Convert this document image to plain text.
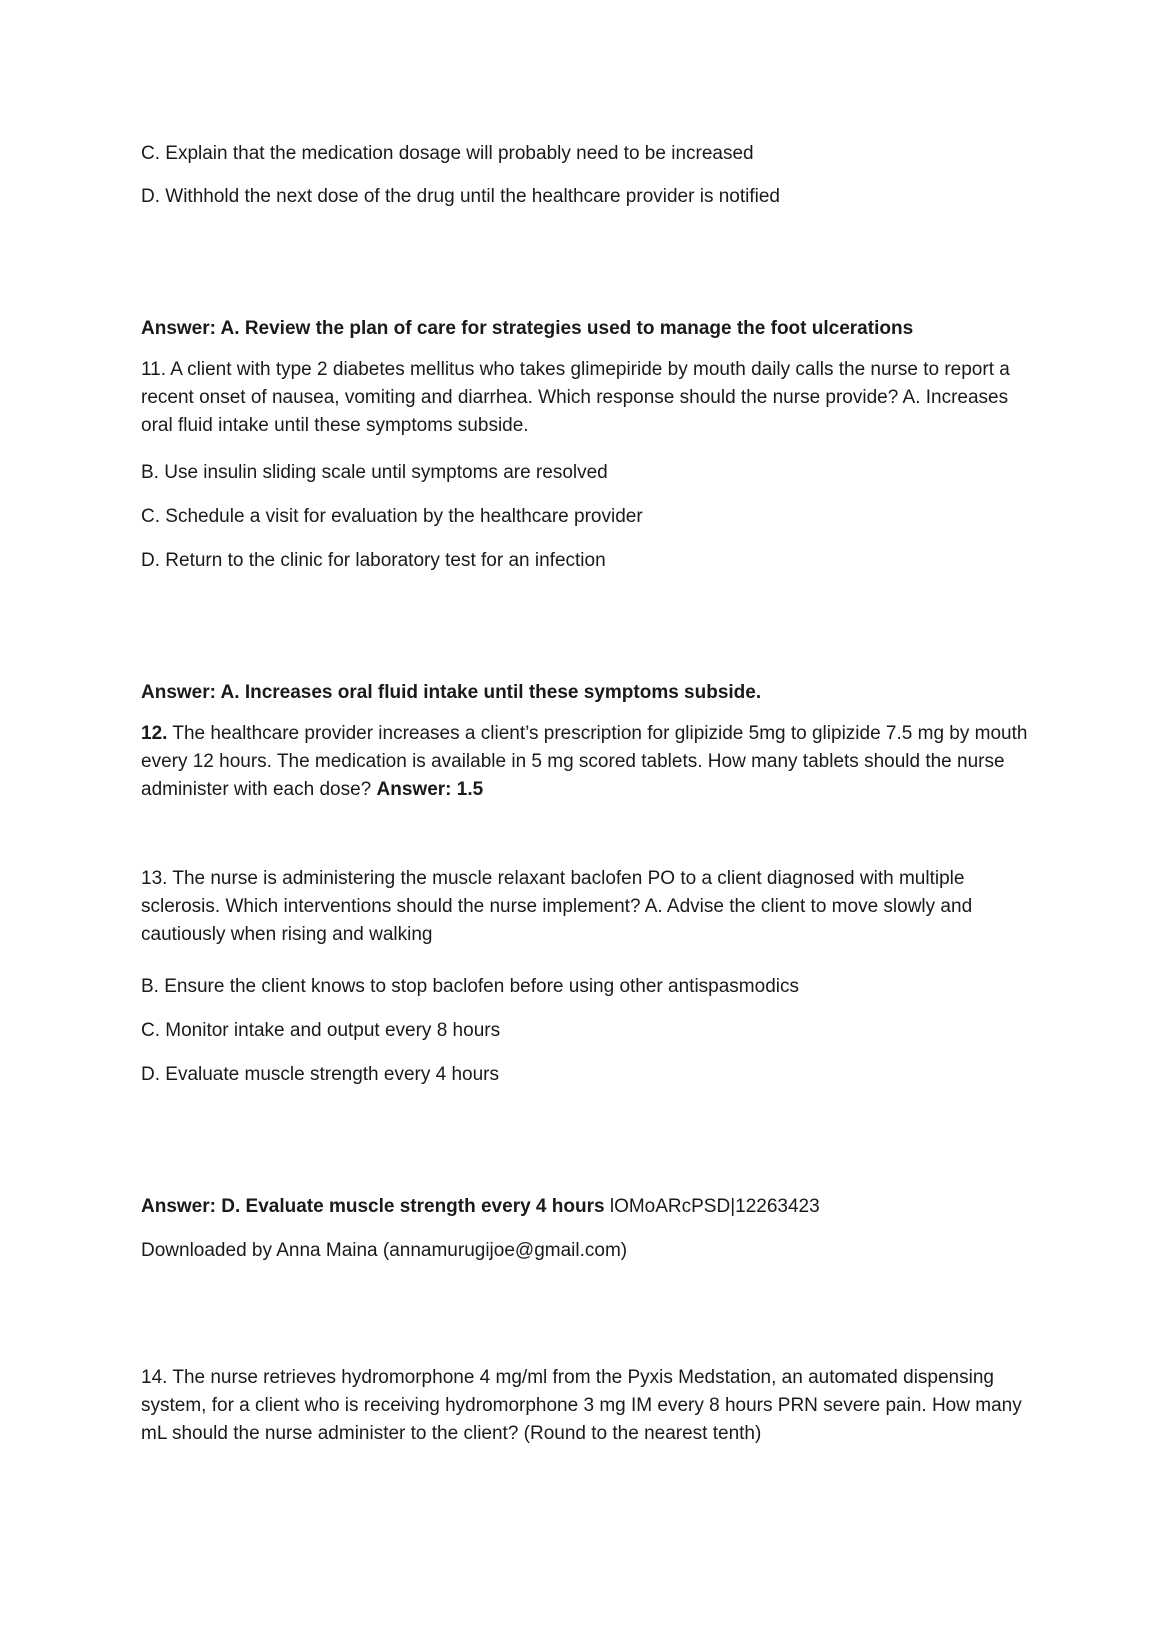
C. Explain that the medication dosage will probably need to be increased
D. Withhold the next dose of the drug until the healthcare provider is notified
Answer: A. Review the plan of care for strategies used to manage the foot ulcerations
11. A client with type 2 diabetes mellitus who takes glimepiride by mouth daily calls the nurse to report a recent onset of nausea, vomiting and diarrhea. Which response should the nurse provide? A. Increases oral fluid intake until these symptoms subside.
B. Use insulin sliding scale until symptoms are resolved
C. Schedule a visit for evaluation by the healthcare provider
D. Return to the clinic for laboratory test for an infection
Answer: A. Increases oral fluid intake until these symptoms subside.
12. The healthcare provider increases a client’s prescription for glipizide 5mg to glipizide 7.5 mg by mouth every 12 hours. The medication is available in 5 mg scored tablets. How many tablets should the nurse administer with each dose? Answer: 1.5
13. The nurse is administering the muscle relaxant baclofen PO to a client diagnosed with multiple sclerosis. Which interventions should the nurse implement? A. Advise the client to move slowly and cautiously when rising and walking
B. Ensure the client knows to stop baclofen before using other antispasmodics
C. Monitor intake and output every 8 hours
D. Evaluate muscle strength every 4 hours
Answer: D. Evaluate muscle strength every 4 hours lOMoARcPSD|12263423
Downloaded by Anna Maina (annamurugijoe@gmail.com)
14. The nurse retrieves hydromorphone 4 mg/ml from the Pyxis Medstation, an automated dispensing system, for a client who is receiving hydromorphone 3 mg IM every 8 hours PRN severe pain. How many mL should the nurse administer to the client? (Round to the nearest tenth)
